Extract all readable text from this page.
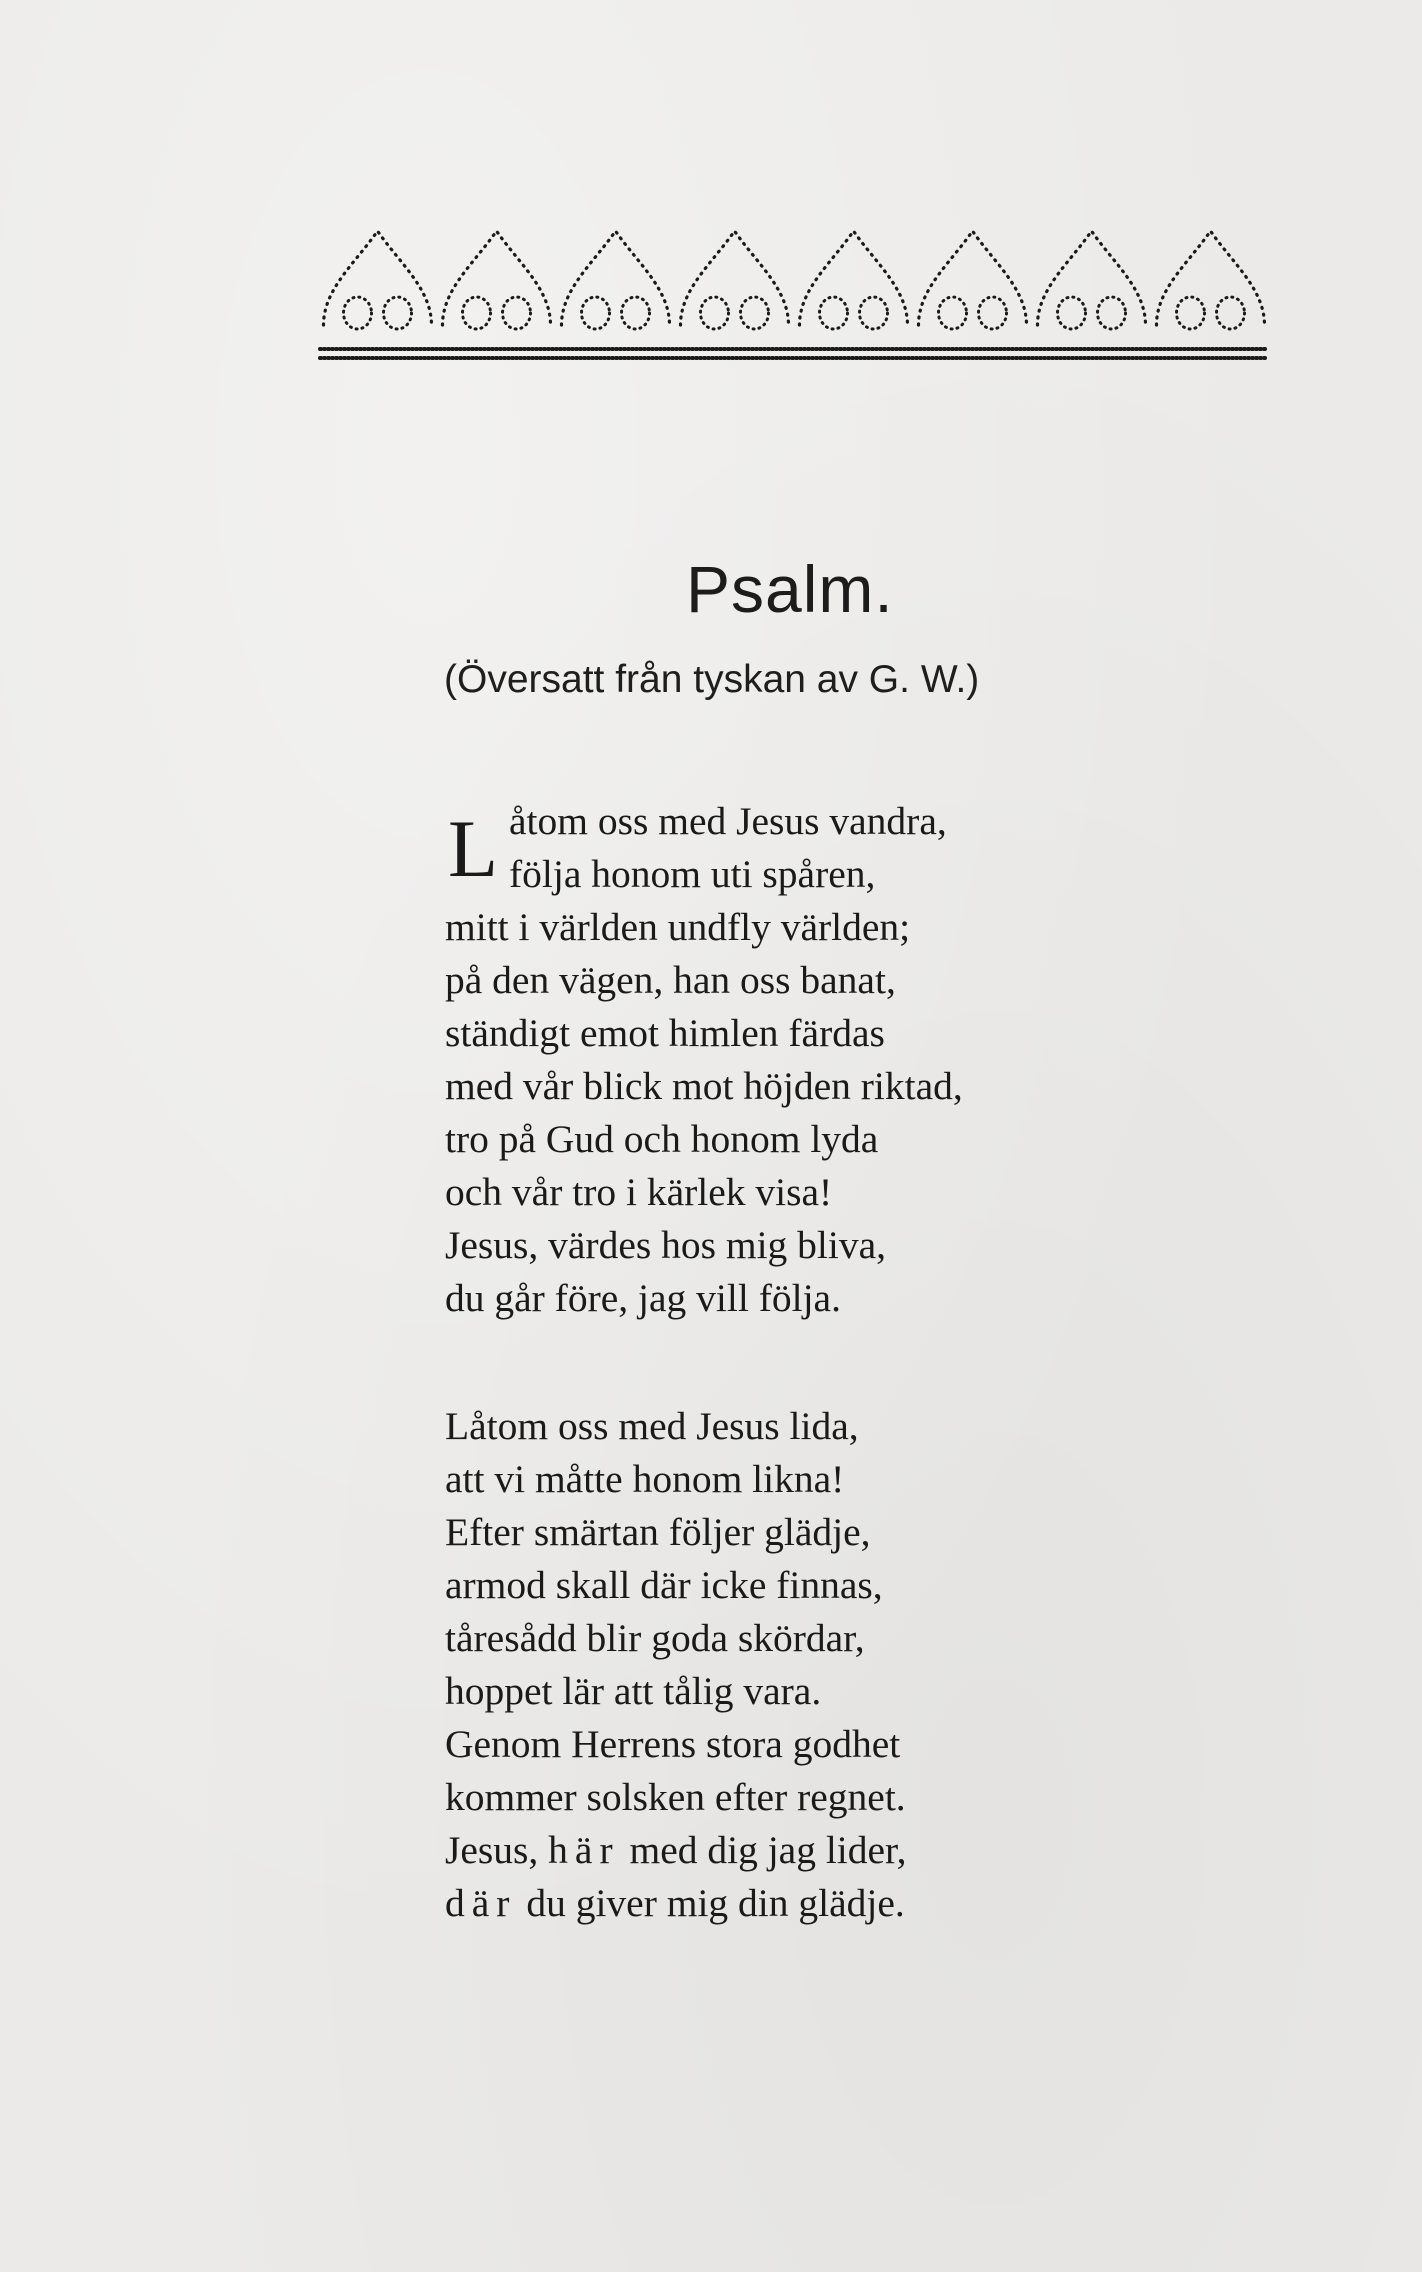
Psalm.
(Översatt från tyskan av G. W.)
L åtom oss med Jesus vandra,
följa honom uti spåren,
mitt i världen undfly världen;
på den vägen, han oss banat,
ständigt emot himlen färdas
med vår blick mot höjden riktad,
tro på Gud och honom lyda
och vår tro i kärlek visa!
Jesus, värdes hos mig bliva,
du går före, jag vill följa.
Låtom oss med Jesus lida,
att vi måtte honom likna!
Efter smärtan följer glädje,
armod skall där icke finnas,
tåresådd blir goda skördar,
hoppet lär att tålig vara.
Genom Herrens stora godhet
kommer solsken efter regnet.
Jesus, här med dig jag lider,
där du giver mig din glädje.
